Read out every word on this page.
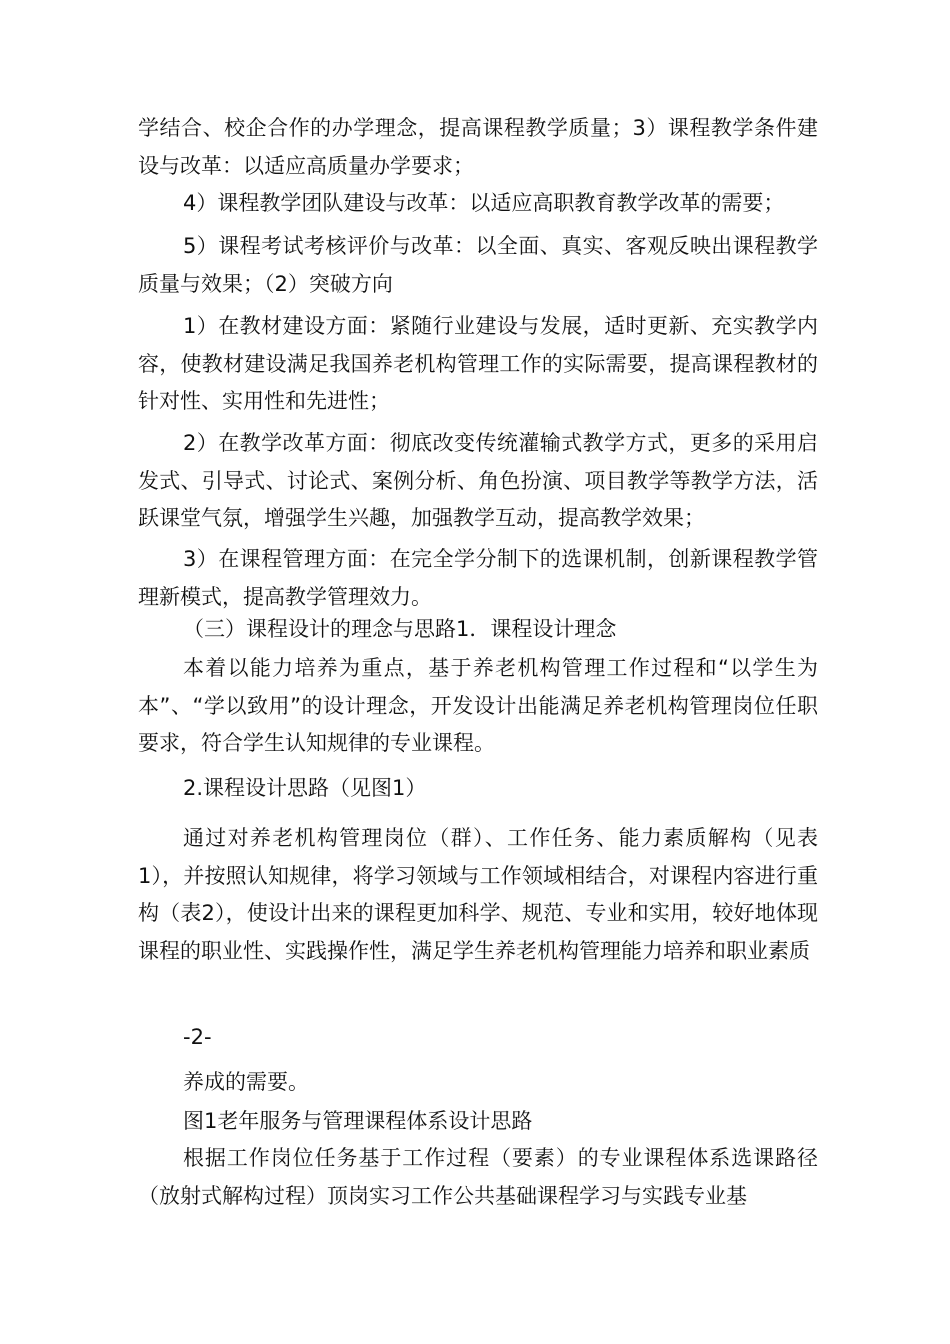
学结合、校企合作的办学理念，提高课程教学质量；3）课程教学条件建设与改革：以适应高质量办学要求；

4）课程教学团队建设与改革：以适应高职教育教学改革的需要；

5）课程考试考核评价与改革：以全面、真实、客观反映出课程教学质量与效果；（2）突破方向

1）在教材建设方面：紧随行业建设与发展，适时更新、充实教学内容，使教材建设满足我国养老机构管理工作的实际需要，提高课程教材的针对性、实用性和先进性；

2）在教学改革方面：彻底改变传统灌输式教学方式，更多的采用启发式、引导式、讨论式、案例分析、角色扮演、项目教学等教学方法，活跃课堂气氛，增强学生兴趣，加强教学互动，提高教学效果；

3）在课程管理方面：在完全学分制下的选课机制，创新课程教学管理新模式，提高教学管理效力。

（三）课程设计的理念与思路1．课程设计理念

本着以能力培养为重点，基于养老机构管理工作过程和“以学生为本”、“学以致用”的设计理念，开发设计出能满足养老机构管理岗位任职要求，符合学生认知规律的专业课程。

2.课程设计思路（见图1）

通过对养老机构管理岗位（群）、工作任务、能力素质解构（见表1），并按照认知规律，将学习领域与工作领域相结合，对课程内容进行重构（表2），使设计出来的课程更加科学、规范、专业和实用，较好地体现课程的职业性、实践操作性，满足学生养老机构管理能力培养和职业素质

-2-

养成的需要。

图1老年服务与管理课程体系设计思路

根据工作岗位任务基于工作过程（要素）的专业课程体系选课路径（放射式解构过程）顶岗实习工作公共基础课程学习与实践专业基
